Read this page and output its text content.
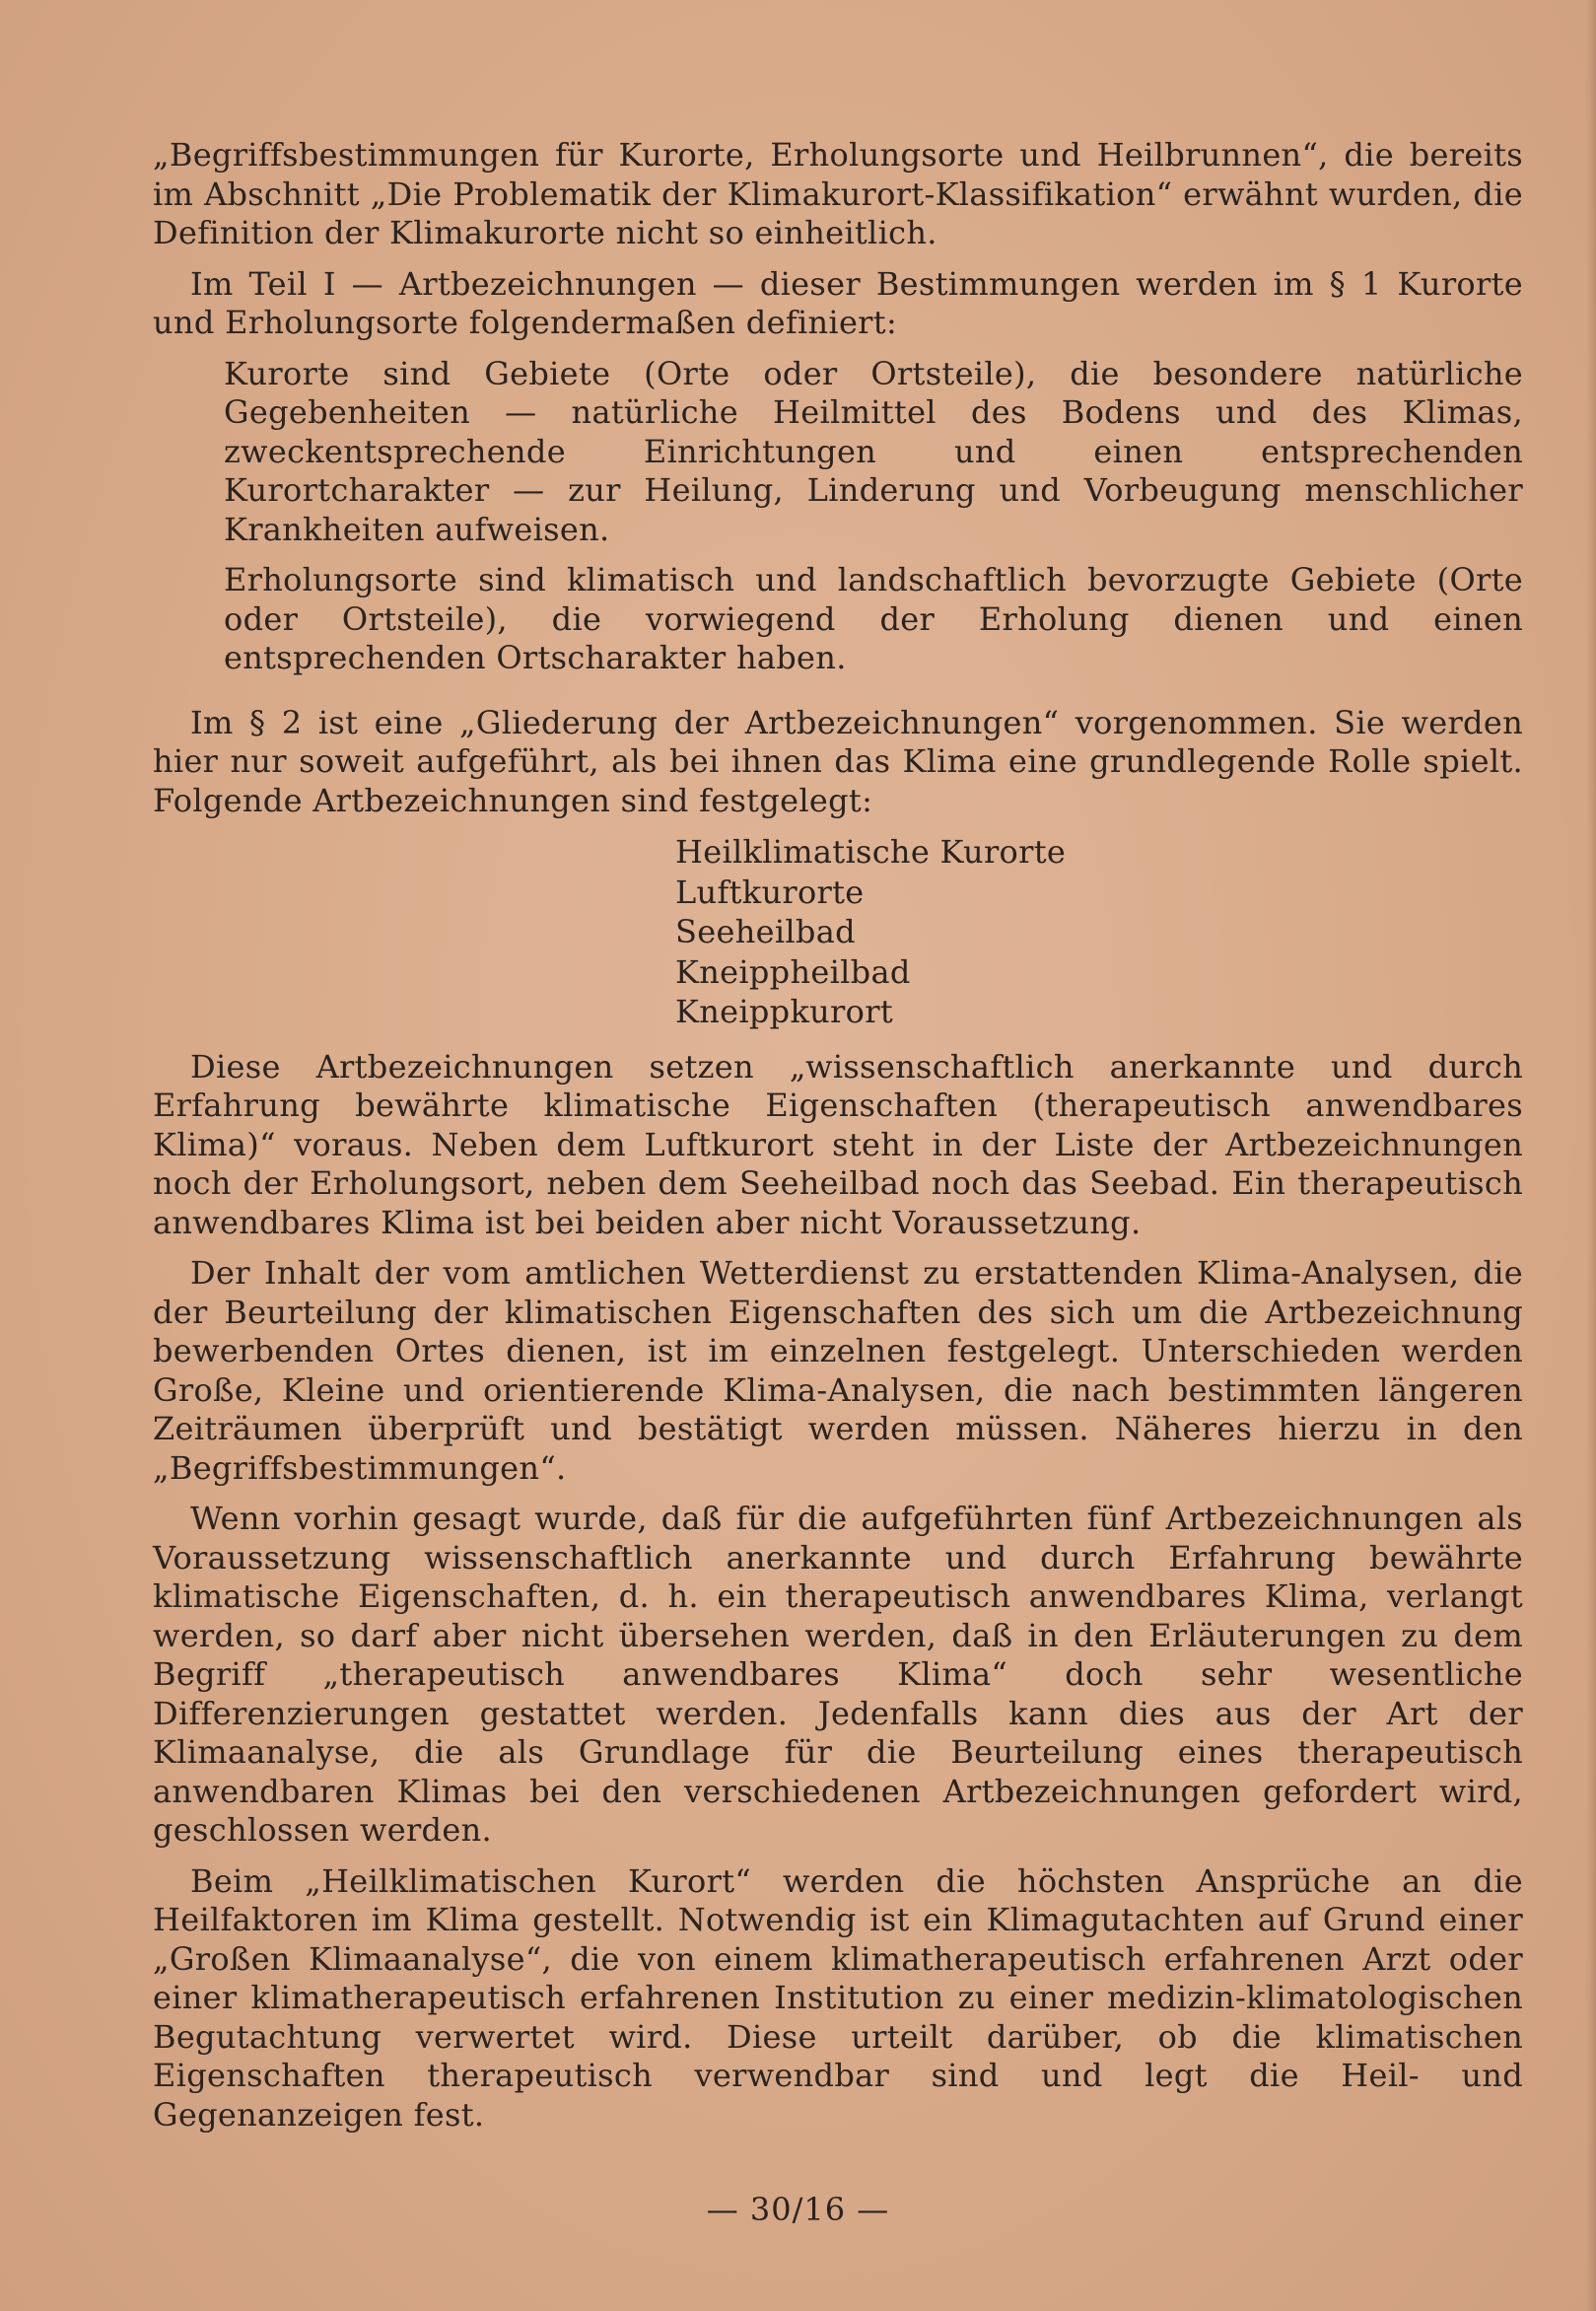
„Begriffsbestimmungen für Kurorte, Erholungsorte und Heilbrunnen“, die bereits im Abschnitt „Die Problematik der Klimakurort-Klassifikation“ erwähnt wurden, die Definition der Klimakurorte nicht so einheitlich.

Im Teil I — Artbezeichnungen — dieser Bestimmungen werden im § 1 Kurorte und Erholungsorte folgendermaßen definiert:

Kurorte sind Gebiete (Orte oder Ortsteile), die besondere natürliche Gegebenheiten — natürliche Heilmittel des Bodens und des Klimas, zweckentsprechende Einrichtungen und einen entsprechenden Kurortcharakter — zur Heilung, Linderung und Vorbeugung menschlicher Krankheiten aufweisen.

Erholungsorte sind klimatisch und landschaftlich bevorzugte Gebiete (Orte oder Ortsteile), die vorwiegend der Erholung dienen und einen entsprechenden Ortscharakter haben.

Im § 2 ist eine „Gliederung der Artbezeichnungen“ vorgenommen. Sie werden hier nur soweit aufgeführt, als bei ihnen das Klima eine grundlegende Rolle spielt. Folgende Artbezeichnungen sind festgelegt:

Heilklimatische Kurorte
Luftkurorte
Seeheilbad
Kneippheilbad
Kneippkurort

Diese Artbezeichnungen setzen „wissenschaftlich anerkannte und durch Erfahrung bewährte klimatische Eigenschaften (therapeutisch anwendbares Klima)“ voraus. Neben dem Luftkurort steht in der Liste der Artbezeichnungen noch der Erholungsort, neben dem Seeheilbad noch das Seebad. Ein therapeutisch anwendbares Klima ist bei beiden aber nicht Voraussetzung.

Der Inhalt der vom amtlichen Wetterdienst zu erstattenden Klima-Analysen, die der Beurteilung der klimatischen Eigenschaften des sich um die Artbezeichnung bewerbenden Ortes dienen, ist im einzelnen festgelegt. Unterschieden werden Große, Kleine und orientierende Klima-Analysen, die nach bestimmten längeren Zeiträumen überprüft und bestätigt werden müssen. Näheres hierzu in den „Begriffsbestimmungen“.

Wenn vorhin gesagt wurde, daß für die aufgeführten fünf Artbezeichnungen als Voraussetzung wissenschaftlich anerkannte und durch Erfahrung bewährte klimatische Eigenschaften, d. h. ein therapeutisch anwendbares Klima, verlangt werden, so darf aber nicht übersehen werden, daß in den Erläuterungen zu dem Begriff „therapeutisch anwendbares Klima“ doch sehr wesentliche Differenzierungen gestattet werden. Jedenfalls kann dies aus der Art der Klimaanalyse, die als Grundlage für die Beurteilung eines therapeutisch anwendbaren Klimas bei den verschiedenen Artbezeichnungen gefordert wird, geschlossen werden.

Beim „Heilklimatischen Kurort“ werden die höchsten Ansprüche an die Heilfaktoren im Klima gestellt. Notwendig ist ein Klimagutachten auf Grund einer „Großen Klimaanalyse“, die von einem klimatherapeutisch erfahrenen Arzt oder einer klimatherapeutisch erfahrenen Institution zu einer medizin-klimatologischen Begutachtung verwertet wird. Diese urteilt darüber, ob die klimatischen Eigenschaften therapeutisch verwendbar sind und legt die Heil- und Gegenanzeigen fest.

— 30/16 —
